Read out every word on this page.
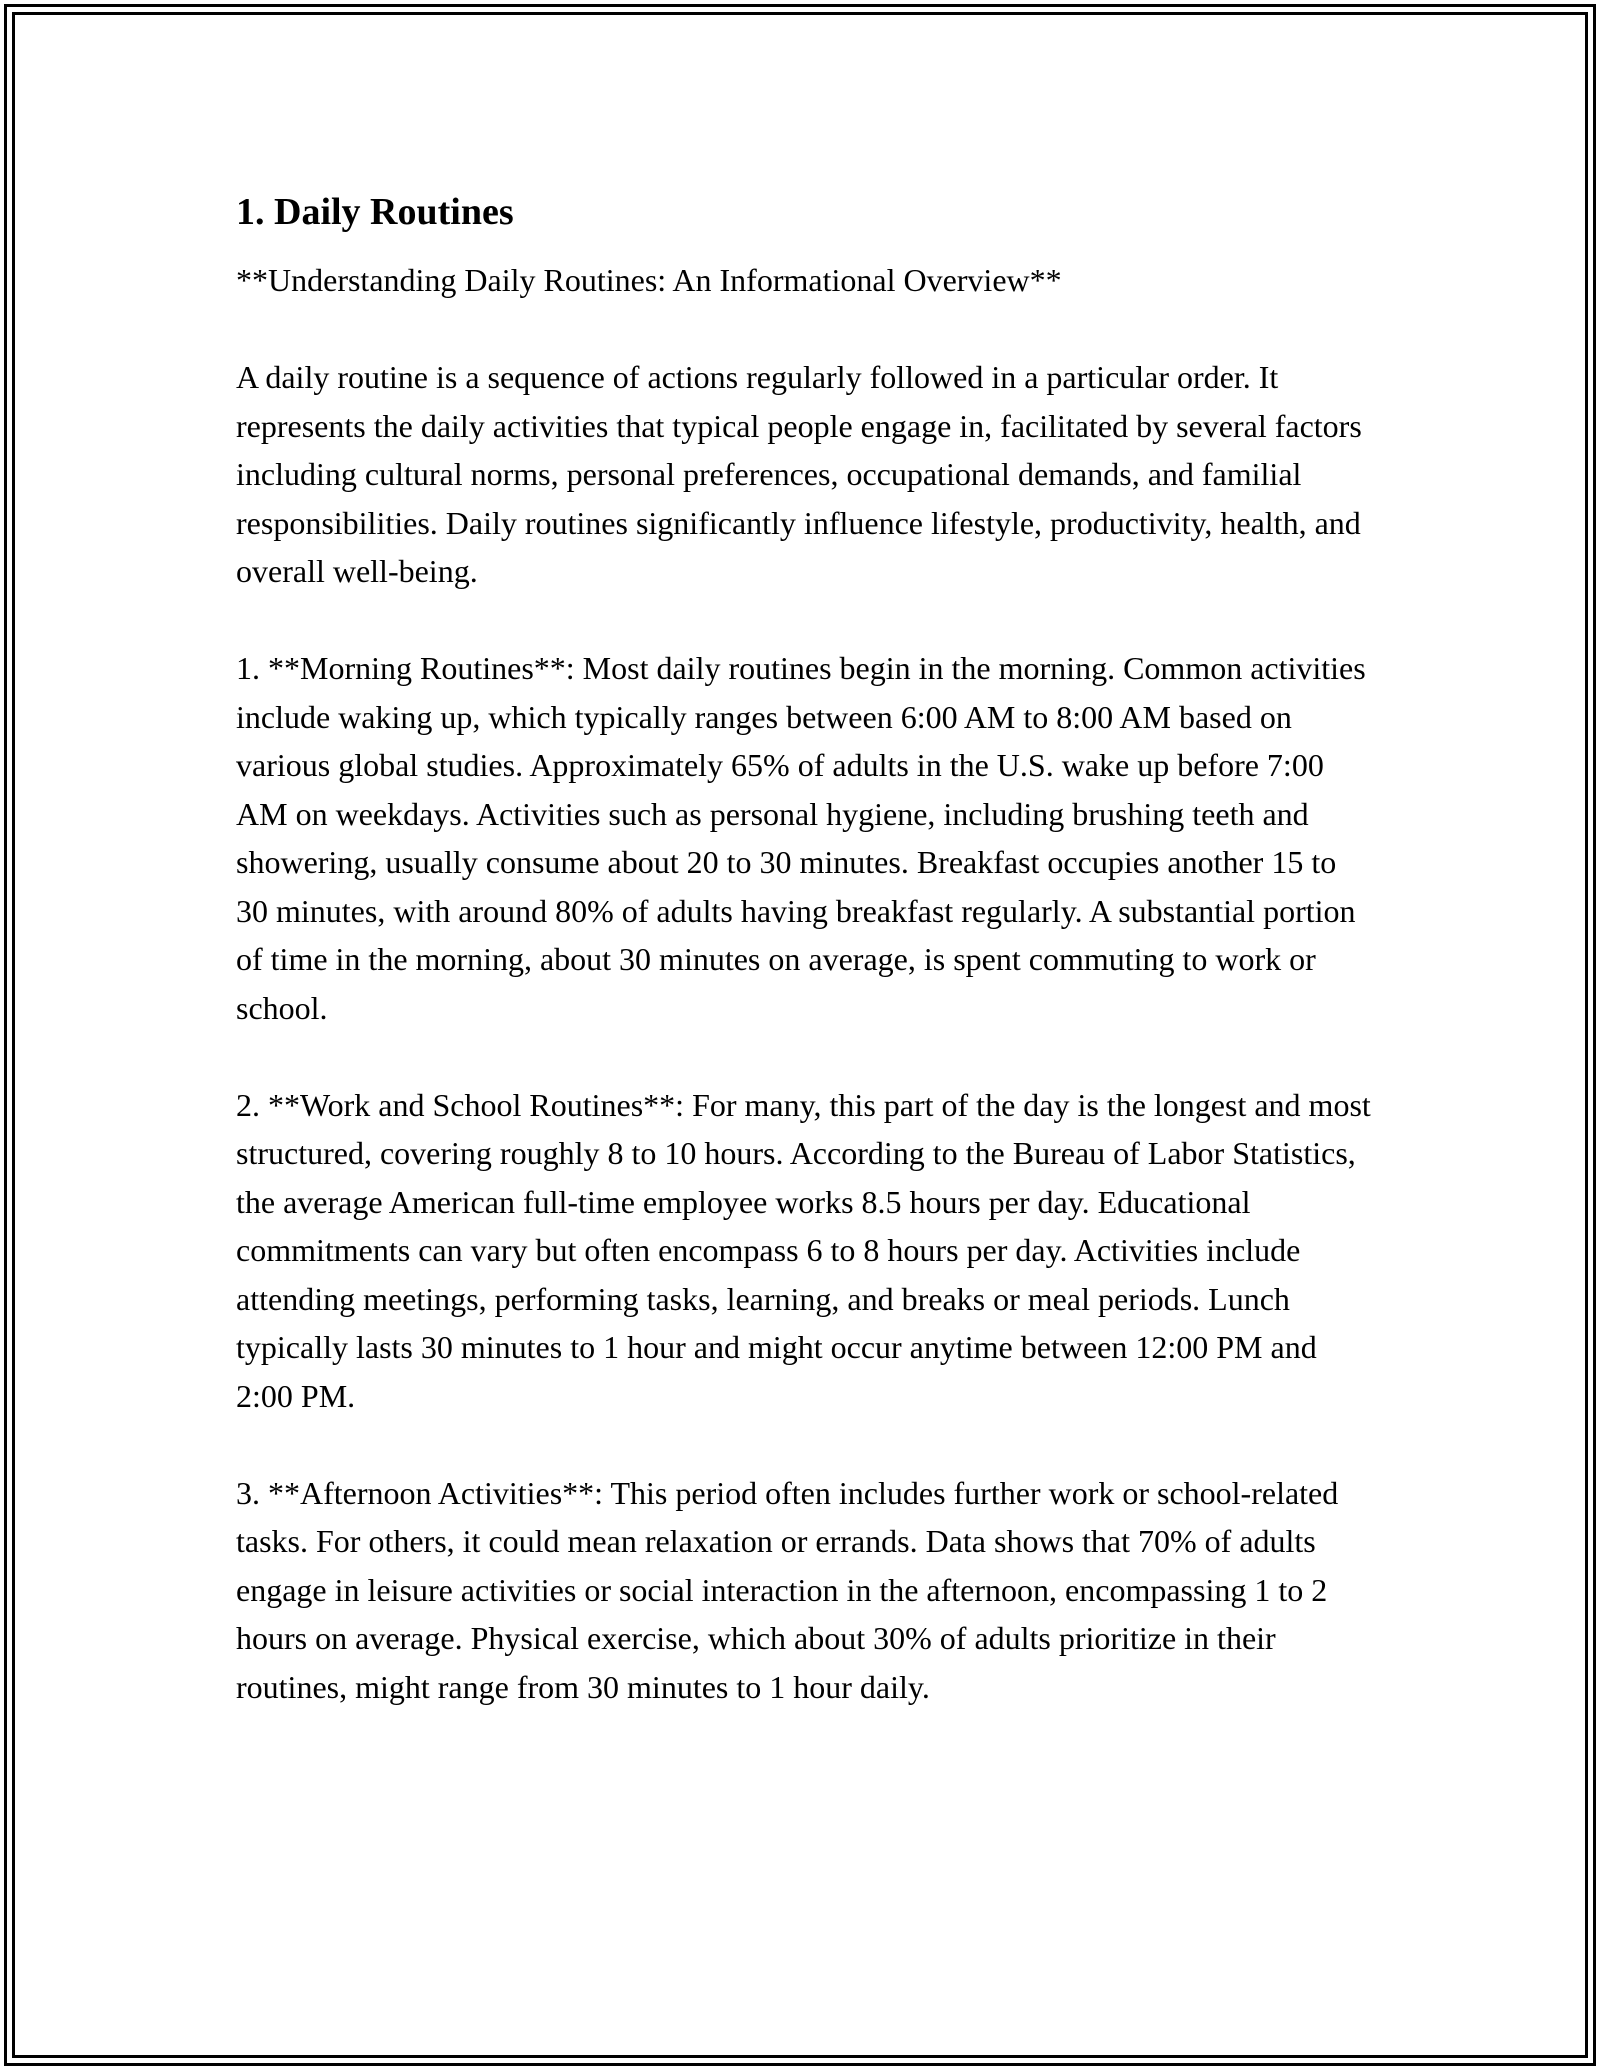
1. Daily Routines

**Understanding Daily Routines: An Informational Overview**

A daily routine is a sequence of actions regularly followed in a particular order. It represents the daily activities that typical people engage in, facilitated by several factors including cultural norms, personal preferences, occupational demands, and familial responsibilities. Daily routines significantly influence lifestyle, productivity, health, and overall well-being.

1. **Morning Routines**: Most daily routines begin in the morning. Common activities include waking up, which typically ranges between 6:00 AM to 8:00 AM based on various global studies. Approximately 65% of adults in the U.S. wake up before 7:00 AM on weekdays. Activities such as personal hygiene, including brushing teeth and showering, usually consume about 20 to 30 minutes. Breakfast occupies another 15 to 30 minutes, with around 80% of adults having breakfast regularly. A substantial portion of time in the morning, about 30 minutes on average, is spent commuting to work or school.

2. **Work and School Routines**: For many, this part of the day is the longest and most structured, covering roughly 8 to 10 hours. According to the Bureau of Labor Statistics, the average American full-time employee works 8.5 hours per day. Educational commitments can vary but often encompass 6 to 8 hours per day. Activities include attending meetings, performing tasks, learning, and breaks or meal periods. Lunch typically lasts 30 minutes to 1 hour and might occur anytime between 12:00 PM and 2:00 PM.

3. **Afternoon Activities**: This period often includes further work or school-related tasks. For others, it could mean relaxation or errands. Data shows that 70% of adults engage in leisure activities or social interaction in the afternoon, encompassing 1 to 2 hours on average. Physical exercise, which about 30% of adults prioritize in their routines, might range from 30 minutes to 1 hour daily.
